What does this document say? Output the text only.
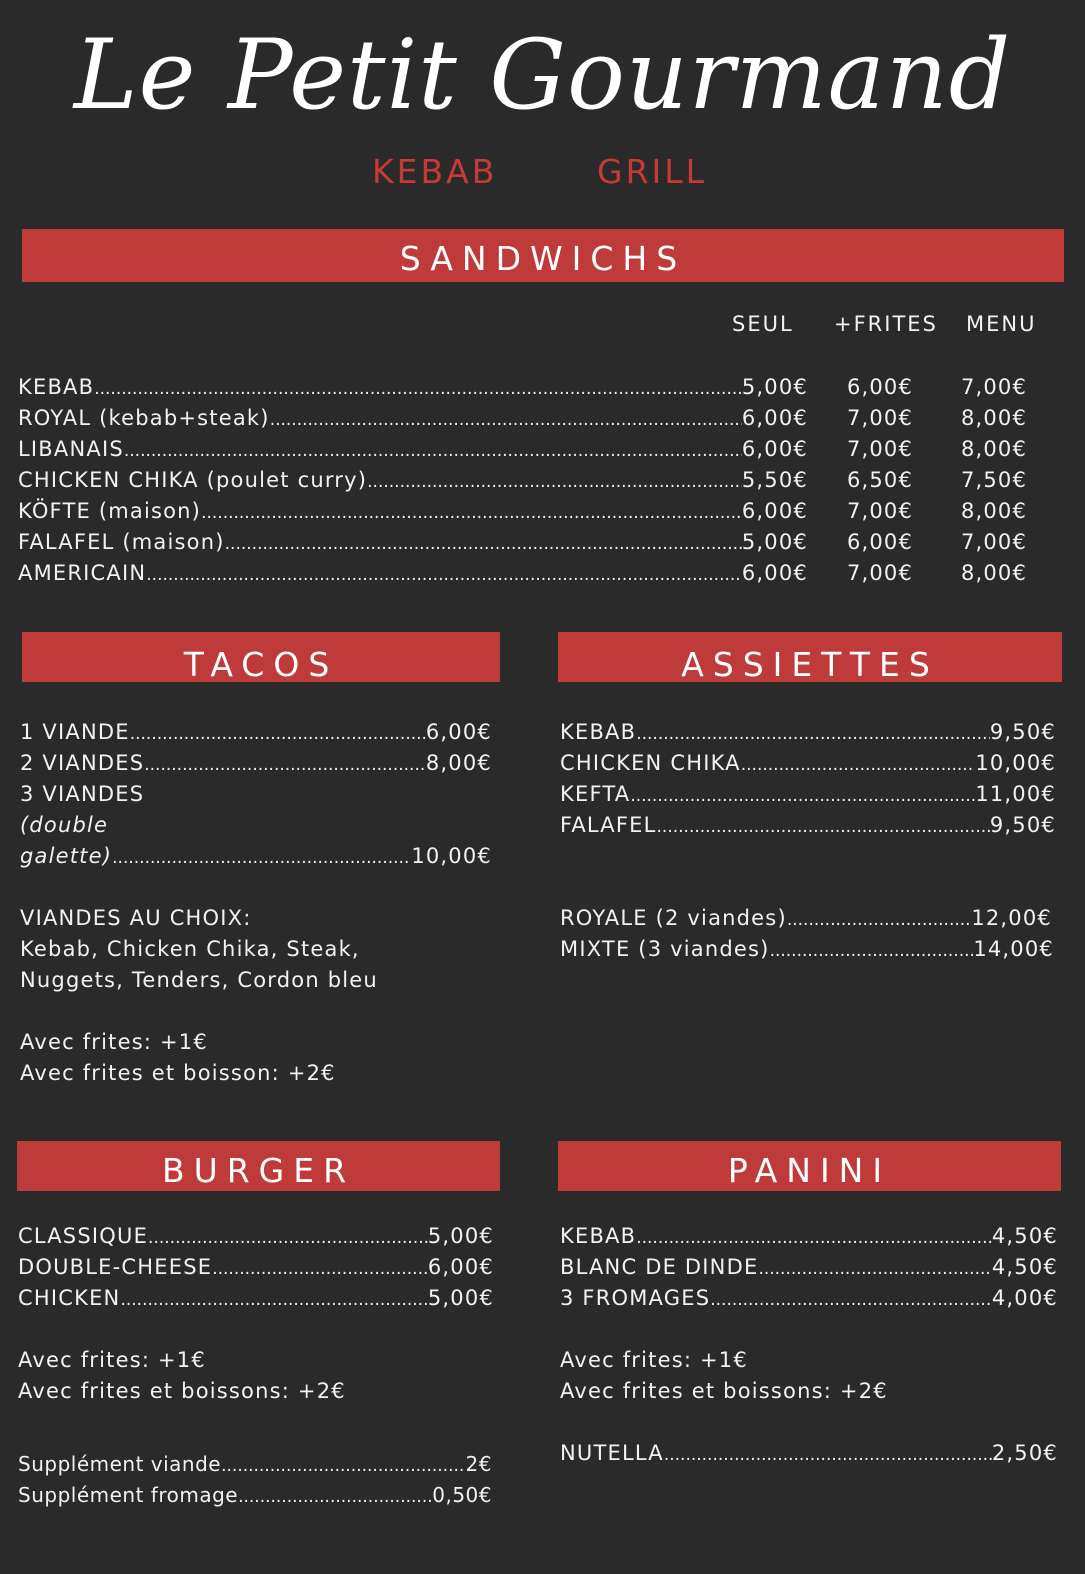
Le Petit Gourmand
KEBAB	GRILL
SANDWICHS
SEUL +FRITES MENU
KEBAB .....	5,00€	6,00€	7,00€
ROYAL (kebab+steak) .....	6,00€	7,00€	8,00€
LIBANAIS .....	6,00€	7,00€	8,00€
CHICKEN CHIKA (poulet curry) .....	5,50€	6,50€	7,50€
KÖFTE (maison) .....	6,00€	7,00€	8,00€
FALAFEL (maison) .....	5,00€	6,00€	7,00€
AMERICAIN .....	6,00€	7,00€	8,00€
TACOS
1 VIANDE .....	6,00€
2 VIANDES .....	8,00€
3 VIANDES
(double
galette) .....	10,00€
VIANDES AU CHOIX:
Kebab, Chicken Chika, Steak,
Nuggets, Tenders, Cordon bleu
Avec frites: +1€
Avec frites et boisson: +2€
ASSIETTES
KEBAB .....	9,50€
CHICKEN CHIKA .....	10,00€
KEFTA .....	11,00€
FALAFEL .....	9,50€
ROYALE (2 viandes) .....	12,00€
MIXTE (3 viandes) .....	14,00€
BURGER
CLASSIQUE .....	5,00€
DOUBLE-CHEESE .....	6,00€
CHICKEN .....	5,00€
Avec frites: +1€
Avec frites et boissons: +2€
Supplément viande .....	2€
Supplément fromage .....	0,50€
PANINI
KEBAB .....	4,50€
BLANC DE DINDE .....	4,50€
3 FROMAGES .....	4,00€
Avec frites: +1€
Avec frites et boissons: +2€
NUTELLA .....	2,50€
